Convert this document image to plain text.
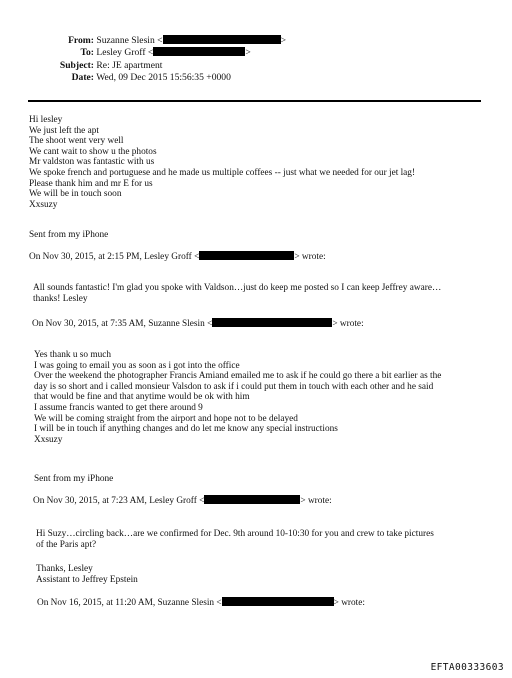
From: Suzanne Slesin <	>
To: Lesley Groff <	>
Subject: Re: JE apartment
Date: Wed, 09 Dec 2015 15:56:35 +0000
Hi lesley
We just left the apt
The shoot went very well
We cant wait to show u the photos
Mr valdston was fantastic with us
We spoke french and portuguese and he made us multiple coffees -- just what we needed for our jet lag!
Please thank him and mr E for us
We will be in touch soon
Xxsuzy
Sent from my iPhone
On Nov 30, 2015, at 2:15 PM, Lesley Groff <	> wrote:
All sounds fantastic! I'm glad you spoke with Valdson…just do keep me posted so I can keep Jeffrey aware…
thanks! Lesley
On Nov 30, 2015, at 7:35 AM, Suzanne Slesin <	> wrote:
Yes thank u so much
I was going to email you as soon as i got into the office
Over the weekend the photographer Francis Amiand emailed me to ask if he could go there a bit earlier as the
day is so short and i called monsieur Valsdon to ask if i could put them in touch with each other and he said
that would be fine and that anytime would be ok with him
I assume francis wanted to get there around 9
We will be coming straight from the airport and hope not to be delayed
I will be in touch if anything changes and do let me know any special instructions
Xxsuzy
Sent from my iPhone
On Nov 30, 2015, at 7:23 AM, Lesley Groff <	> wrote:
Hi Suzy…circling back…are we confirmed for Dec. 9th around 10-10:30 for you and crew to take pictures
of the Paris apt?
Thanks, Lesley
Assistant to Jeffrey Epstein
On Nov 16, 2015, at 11:20 AM, Suzanne Slesin <	> wrote:
EFTA00333603
